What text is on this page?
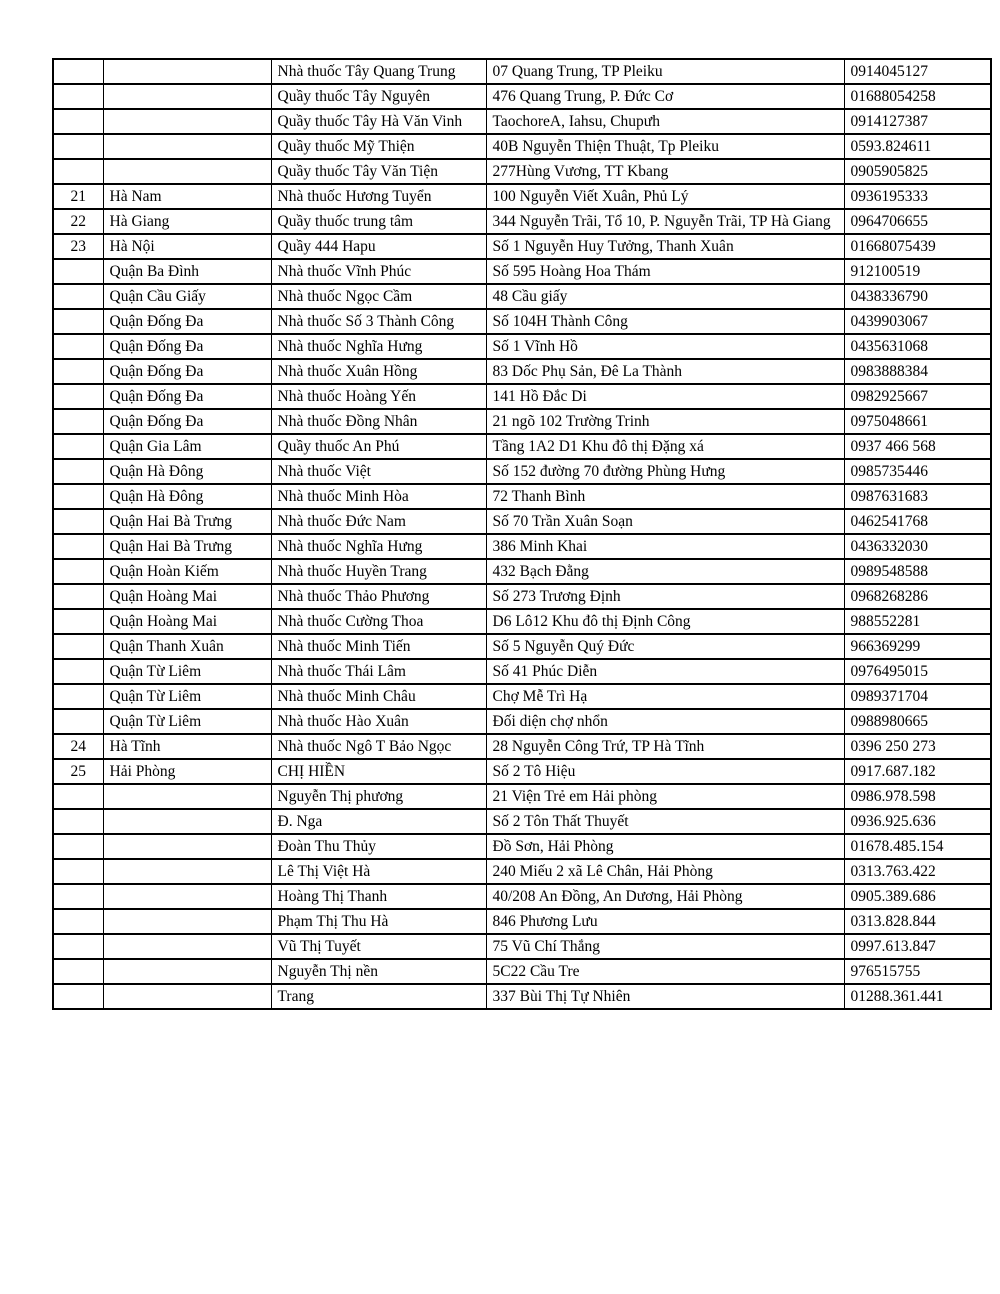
		Nhà thuốc Tây Quang Trung	07 Quang Trung, TP Pleiku	0914045127
		Quầy thuốc Tây Nguyên	476 Quang Trung, P. Đức Cơ	01688054258
		Quầy thuốc Tây Hà Văn Vinh	TaochoreA, Iahsu, Chupưh	0914127387
		Quầy thuốc Mỹ Thiện	40B Nguyễn Thiện Thuật, Tp Pleiku	0593.824611
		Quầy thuốc Tây Văn Tiện	277Hùng Vương, TT Kbang	0905905825
21	Hà Nam	Nhà thuốc Hương Tuyển	100 Nguyễn Viết Xuân, Phủ Lý	0936195333
22	Hà Giang	Quầy thuốc trung tâm	344 Nguyễn Trãi, Tổ 10, P. Nguyễn Trãi, TP Hà Giang	0964706655
23	Hà Nội	Quầy 444 Hapu	Số 1 Nguyễn Huy Tưởng, Thanh Xuân	01668075439
	Quận Ba Đình	Nhà thuốc Vĩnh Phúc	Số 595 Hoàng Hoa Thám	912100519
	Quận Cầu Giấy	Nhà thuốc Ngọc Cầm	48 Cầu giấy	0438336790
	Quận Đống Đa	Nhà thuốc Số 3 Thành Công	Số 104H Thành Công	0439903067
	Quận Đống Đa	Nhà thuốc Nghĩa Hưng	Số 1 Vĩnh Hồ	0435631068
	Quận Đống Đa	Nhà thuốc Xuân Hồng	83 Dốc Phụ Sản, Đê La Thành	0983888384
	Quận Đống Đa	Nhà thuốc Hoàng Yến	141 Hồ Đắc Di	0982925667
	Quận Đống Đa	Nhà thuốc Đồng Nhân	21 ngõ 102 Trường Trinh	0975048661
	Quận Gia Lâm	Quầy thuốc An Phú	Tầng 1A2 D1 Khu đô thị Đặng xá	0937 466 568
	Quận Hà Đông	Nhà thuốc Việt	Số 152 đường 70 đường Phùng Hưng	0985735446
	Quận Hà Đông	Nhà thuốc Minh Hòa	72 Thanh Bình	0987631683
	Quận Hai Bà Trưng	Nhà thuốc Đức Nam	Số 70 Trần Xuân Soạn	0462541768
	Quận Hai Bà Trưng	Nhà thuốc Nghĩa Hưng	386 Minh Khai	0436332030
	Quận Hoàn Kiếm	Nhà thuốc Huyền Trang	432 Bạch Đằng	0989548588
	Quận Hoàng Mai	Nhà thuốc Thảo Phương	Số 273 Trương Định	0968268286
	Quận Hoàng Mai	Nhà thuốc Cường Thoa	D6 Lô12 Khu đô thị Định Công	988552281
	Quận Thanh Xuân	Nhà thuốc Minh Tiến	Số 5 Nguyễn Quý Đức	966369299
	Quận Từ Liêm	Nhà thuốc Thái Lâm	Số 41 Phúc Diễn	0976495015
	Quận Từ Liêm	Nhà thuốc Minh Châu	Chợ Mễ Trì Hạ	0989371704
	Quận Từ Liêm	Nhà thuốc Hào Xuân	Đối diện chợ nhổn	0988980665
24	Hà Tĩnh	Nhà thuốc Ngô T Bảo Ngọc	28 Nguyễn Công Trứ, TP Hà Tĩnh	0396 250 273
25	Hải Phòng	CHỊ HIỀN	Số 2 Tô Hiệu	0917.687.182
		Nguyễn Thị phương	21 Viện Trẻ em Hải phòng	0986.978.598
		Đ. Nga	Số 2 Tôn Thất Thuyết	0936.925.636
		Đoàn Thu Thủy	Đồ Sơn, Hải Phòng	01678.485.154
		Lê Thị Việt Hà	240 Miếu 2 xã Lê Chân, Hải Phòng	0313.763.422
		Hoàng Thị Thanh	40/208 An Đồng, An Dương, Hải Phòng	0905.389.686
		Phạm Thị Thu Hà	846 Phương Lưu	0313.828.844
		Vũ Thị Tuyết	75 Vũ Chí Thắng	0997.613.847
		Nguyễn Thị nền	5C22 Cầu Tre	976515755
		Trang	337 Bùi Thị Tự Nhiên	01288.361.441
